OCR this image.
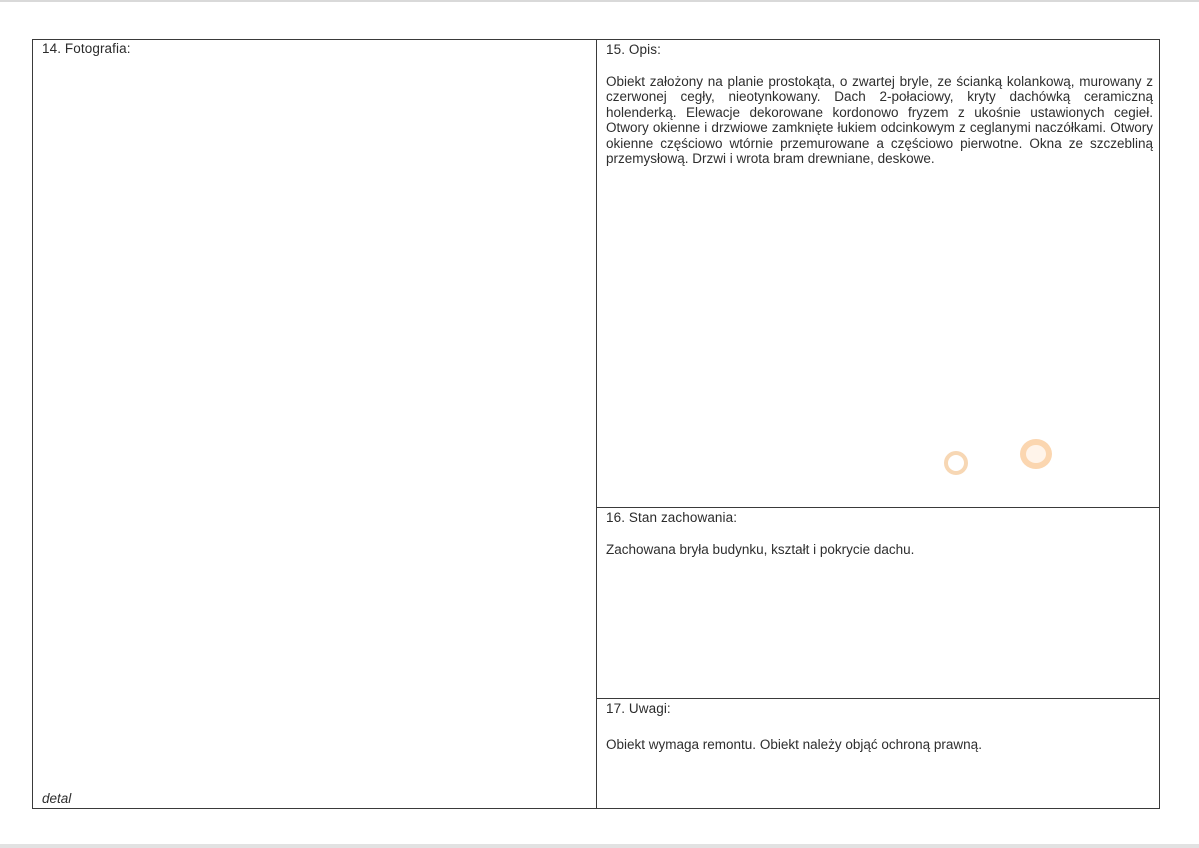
14. Fotografia:
detal
15. Opis:
Obiekt założony na planie prostokąta, o zwartej bryle, ze ścianką kolankową, murowany z czerwonej cegły, nieotynkowany. Dach 2-połaciowy, kryty dachówką ceramiczną holenderką. Elewacje dekorowane kordonowo fryzem z ukośnie ustawionych cegieł. Otwory okienne i drzwiowe zamknięte łukiem odcinkowym z ceglanymi naczółkami. Otwory okienne częściowo wtórnie przemurowane a częściowo pierwotne. Okna ze szczebliną przemysłową. Drzwi i wrota bram drewniane, deskowe.
16. Stan zachowania:
Zachowana bryła budynku, kształt i pokrycie dachu.
17. Uwagi:
Obiekt wymaga remontu. Obiekt należy objąć ochroną prawną.
